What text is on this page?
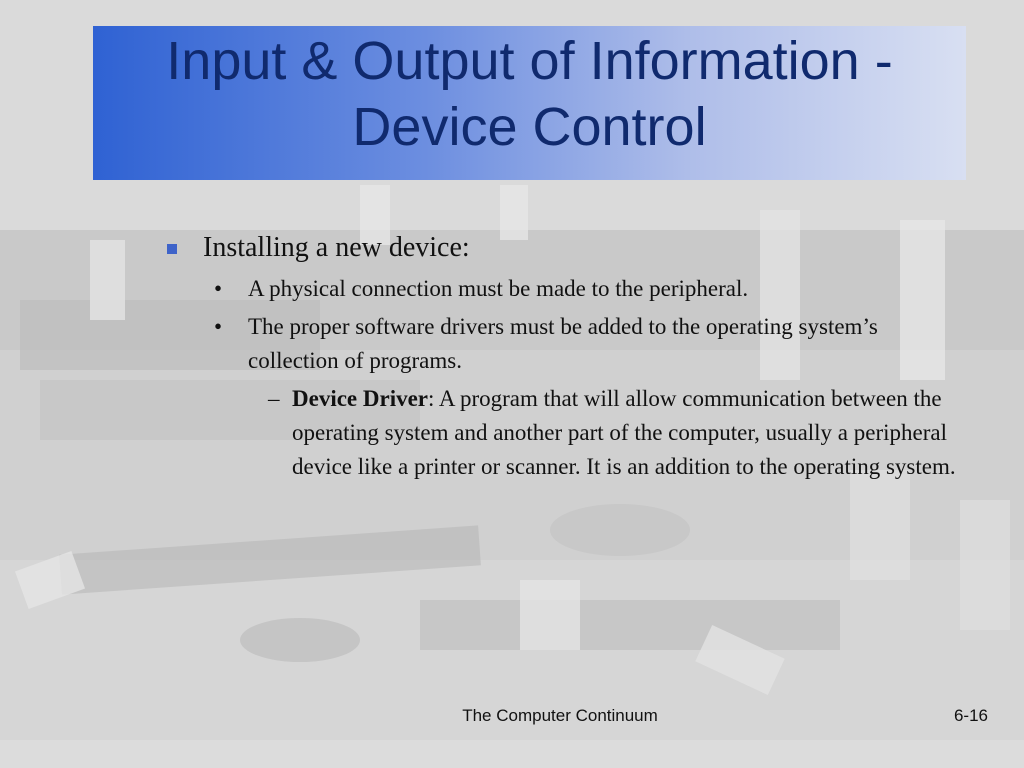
Input & Output of Information - Device Control
Installing a new device:
• A physical connection must be made to the peripheral.
• The proper software drivers must be added to the operating system’s collection of programs.
– Device Driver: A program that will allow communication between the operating system and another part of the computer, usually a peripheral device like a printer or scanner. It is an addition to the operating system.
The Computer Continuum	6-16
